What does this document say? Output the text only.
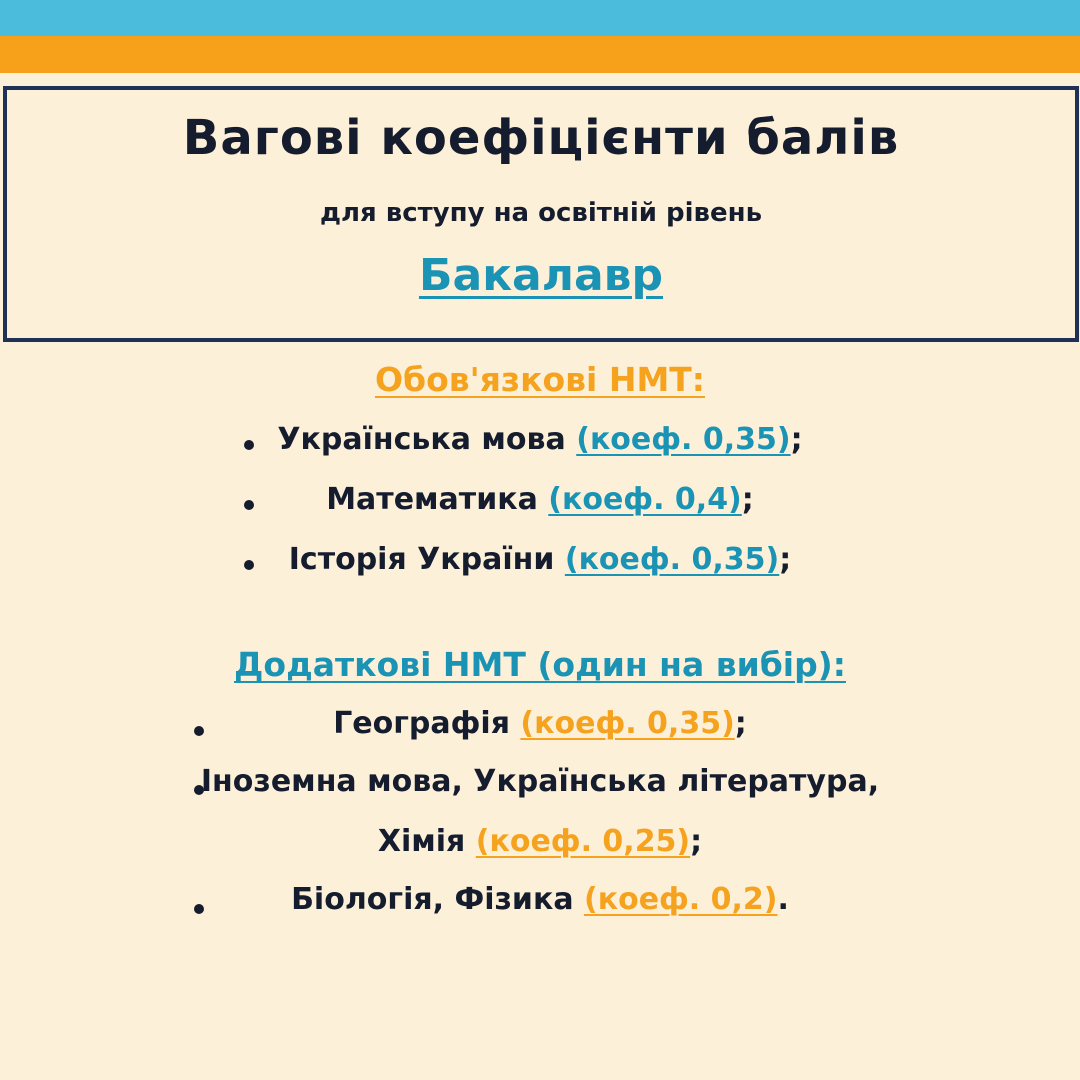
Вагові коефіцієнти балів
для вступу на освітній рівень
Бакалавр
Обов'язкові НМТ:
Українська мова (коеф. 0,35);
Математика (коеф. 0,4);
Історія України (коеф. 0,35);
Додаткові НМТ (один на вибір):
Географія (коеф. 0,35);
Іноземна мова, Українська література,
Хімія (коеф. 0,25);
Біологія, Фізика (коеф. 0,2).
